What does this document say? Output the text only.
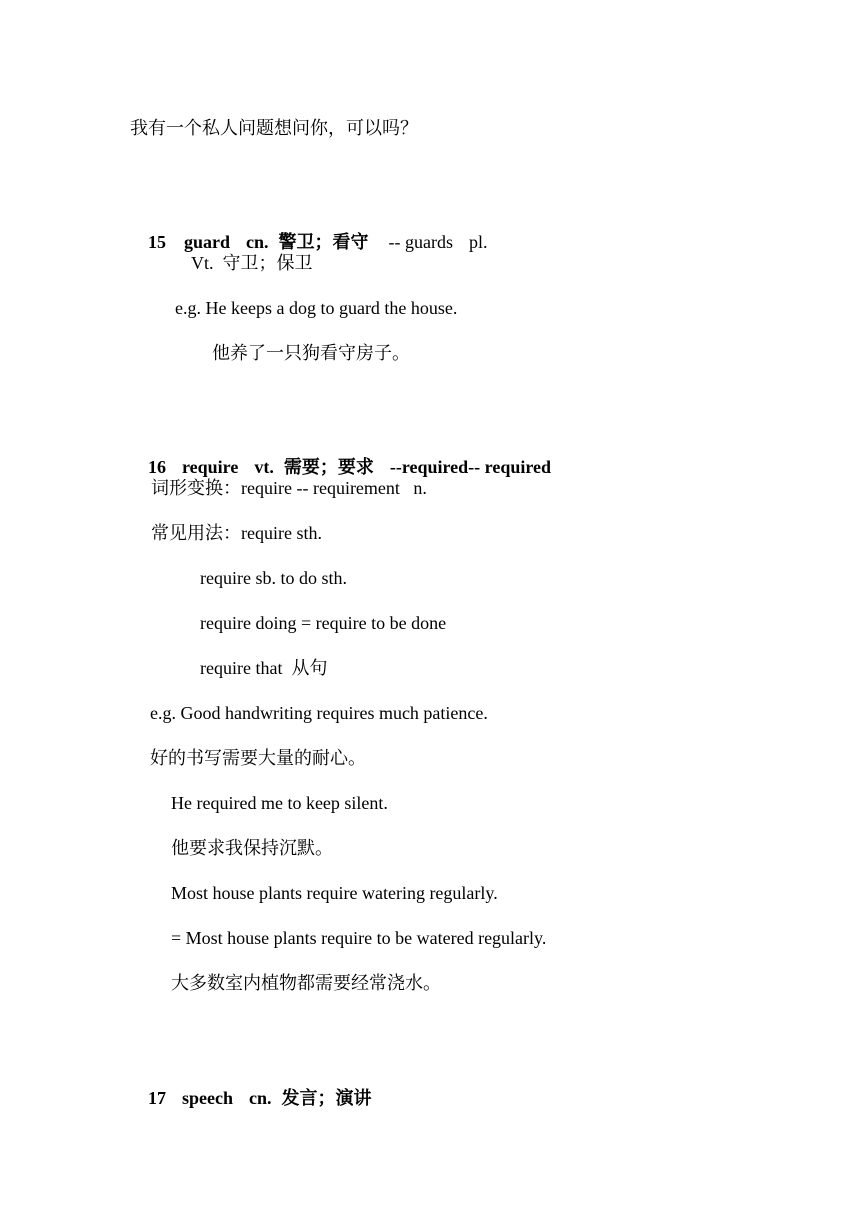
我有一个私人问题想问你，可以吗？

15 guard cn. 警卫；看守 -- guards pl.

Vt.  守卫；保卫
e.g. He keeps a dog to guard the house.
他养了一只狗看守房子。

16 require vt. 需要；要求 --required-- required

词形变换：require -- requirement   n.
常见用法：require sth.
require sb. to do sth.
require doing = require to be done
require that  从句
e.g. Good handwriting requires much patience.
好的书写需要大量的耐心。
He required me to keep silent.
他要求我保持沉默。
Most house plants require watering regularly.
= Most house plants require to be watered regularly.
大多数室内植物都需要经常浇水。

17 speech cn. 发言；演讲
